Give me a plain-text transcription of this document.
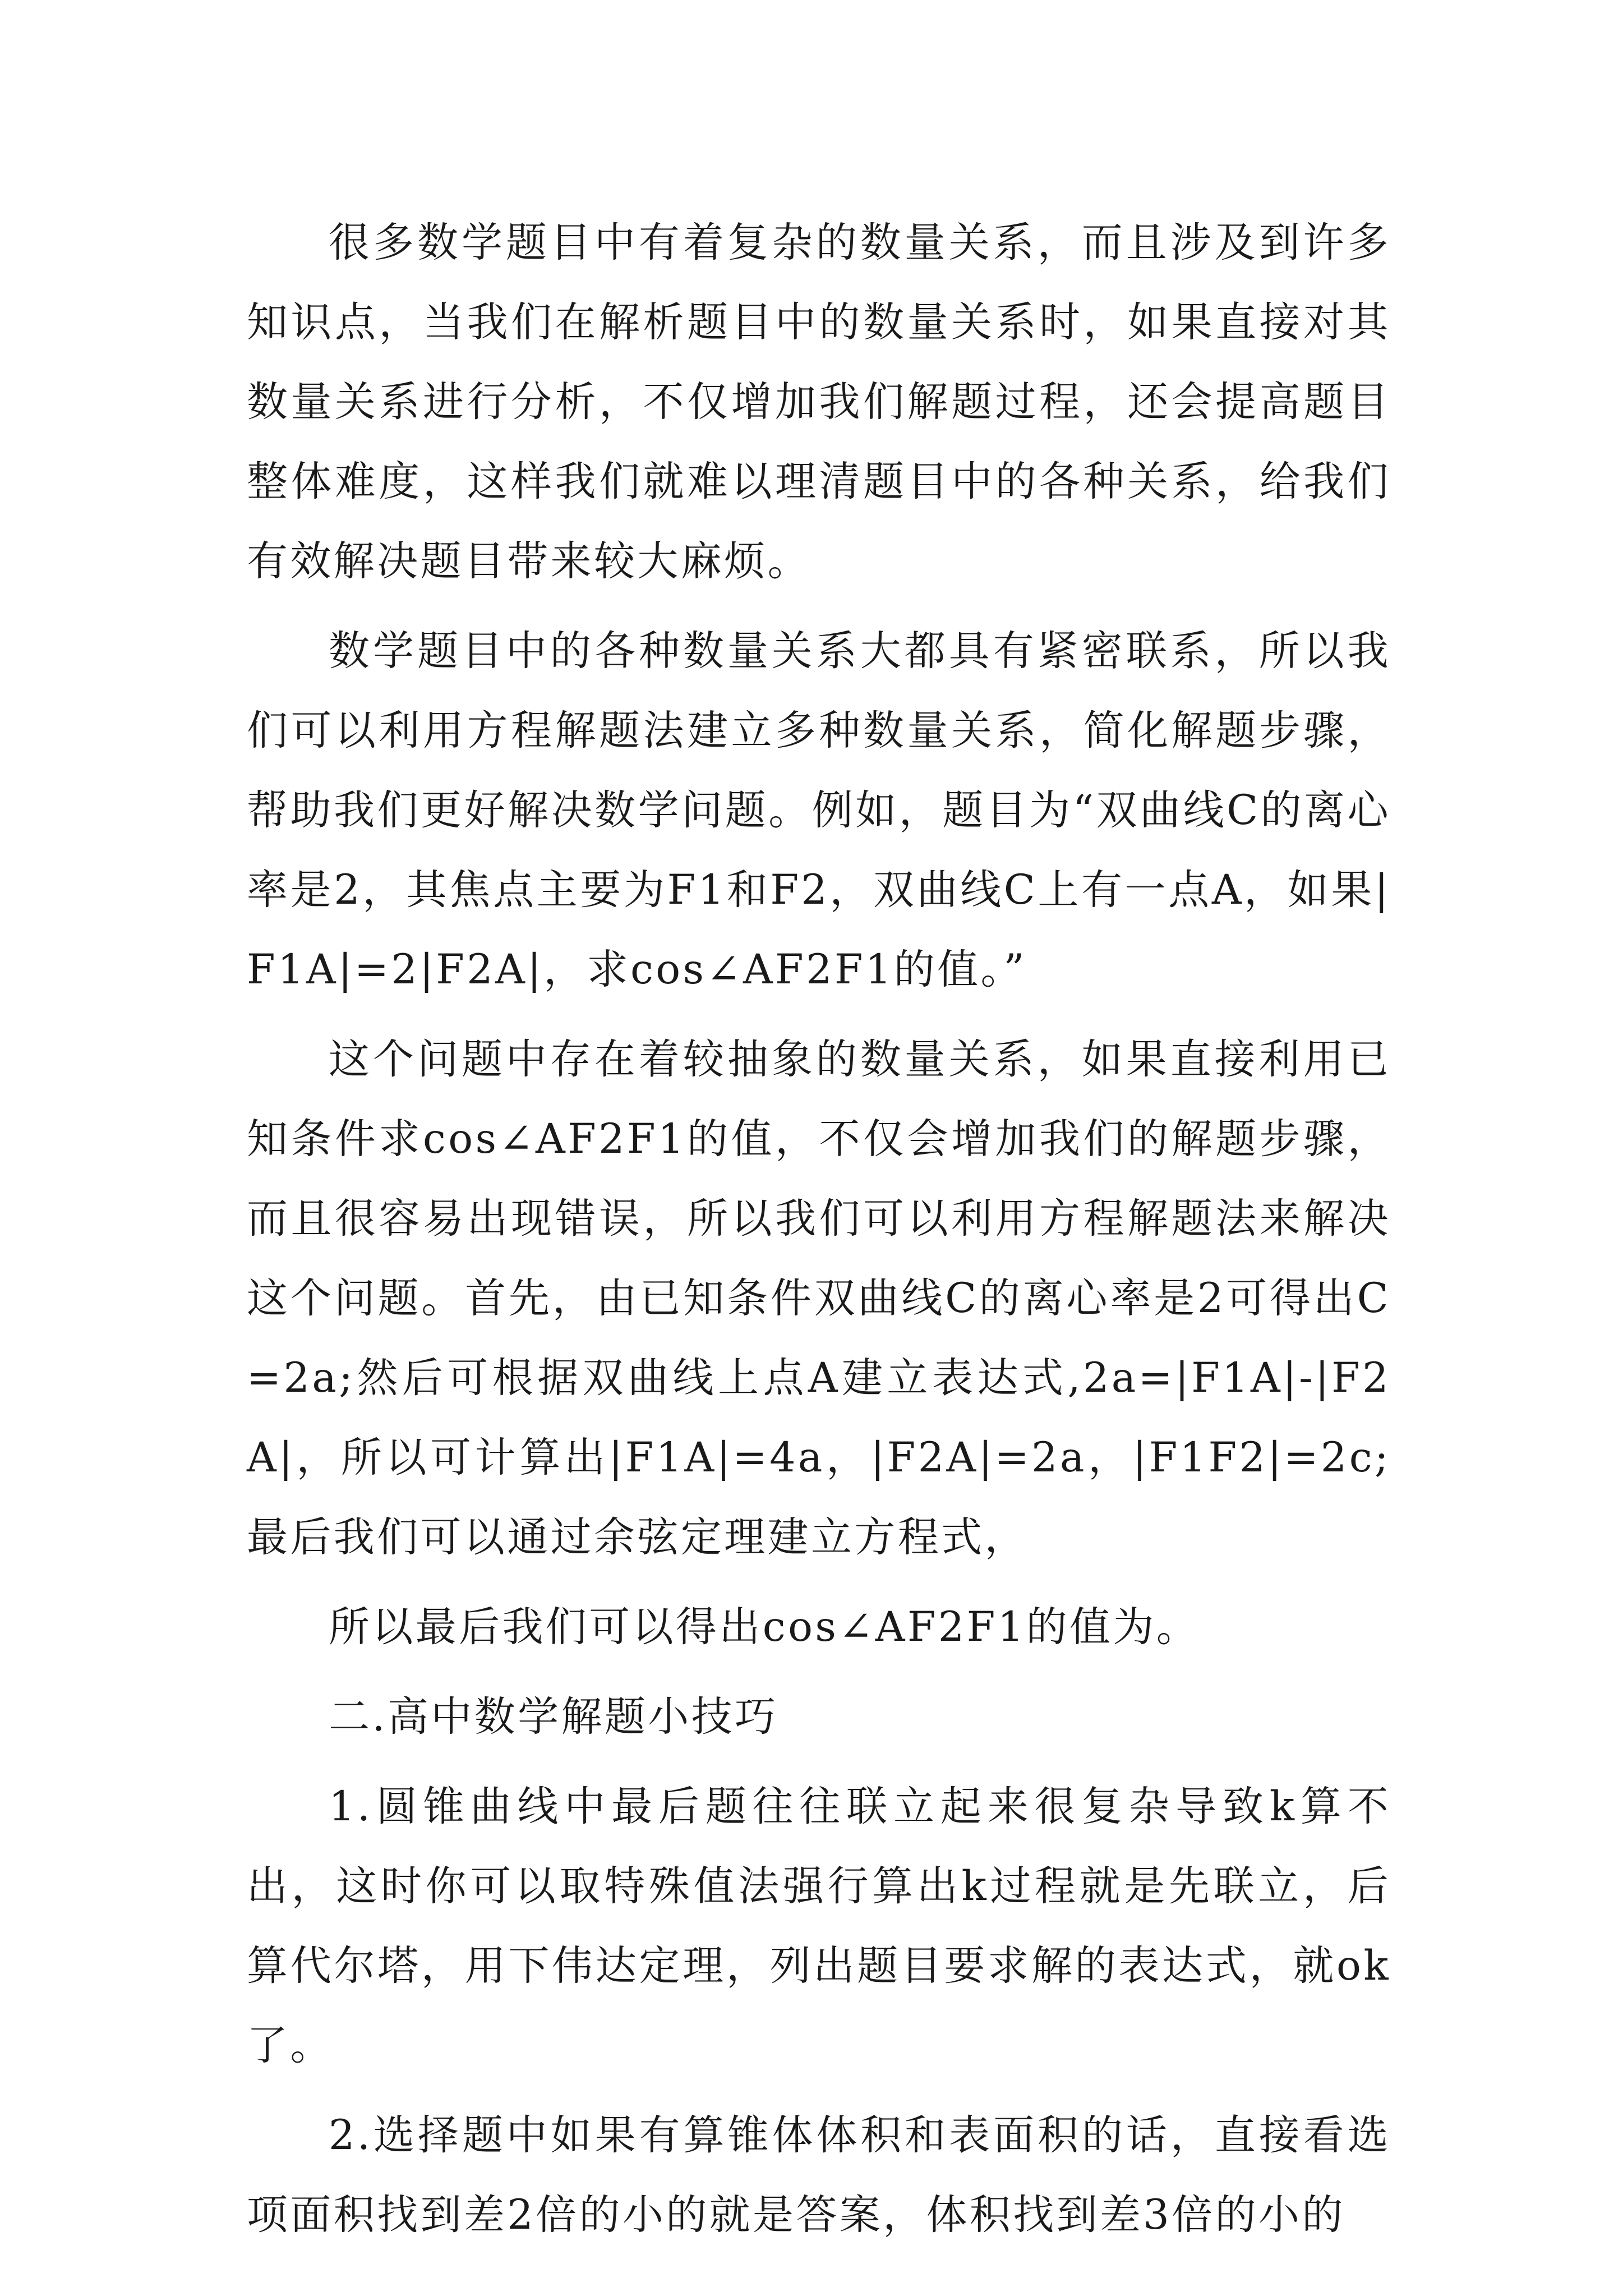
很多数学题目中有着复杂的数量关系，而且涉及到许多知识点，当我们在解析题目中的数量关系时，如果直接对其数量关系进行分析，不仅增加我们解题过程，还会提高题目整体难度，这样我们就难以理清题目中的各种关系，给我们有效解决题目带来较大麻烦。

数学题目中的各种数量关系大都具有紧密联系，所以我们可以利用方程解题法建立多种数量关系，简化解题步骤，帮助我们更好解决数学问题。例如，题目为“双曲线C的离心率是2，其焦点主要为F1和F2，双曲线C上有一点A，如果|F1A|=2|F2A|，求cos∠AF2F1的值。”

这个问题中存在着较抽象的数量关系，如果直接利用已知条件求cos∠AF2F1的值，不仅会增加我们的解题步骤，而且很容易出现错误，所以我们可以利用方程解题法来解决这个问题。首先，由已知条件双曲线C的离心率是2可得出C=2a;然后可根据双曲线上点A建立表达式,2a=|F1A|-|F2A|，所以可计算出|F1A|=4a，|F2A|=2a，|F1F2|=2c;最后我们可以通过余弦定理建立方程式，

所以最后我们可以得出cos∠AF2F1的值为。

二.高中数学解题小技巧

1.圆锥曲线中最后题往往联立起来很复杂导致k算不出，这时你可以取特殊值法强行算出k过程就是先联立，后算代尔塔，用下伟达定理，列出题目要求解的表达式，就ok了。

2.选择题中如果有算锥体体积和表面积的话，直接看选项面积找到差2倍的小的就是答案，体积找到差3倍的小的
